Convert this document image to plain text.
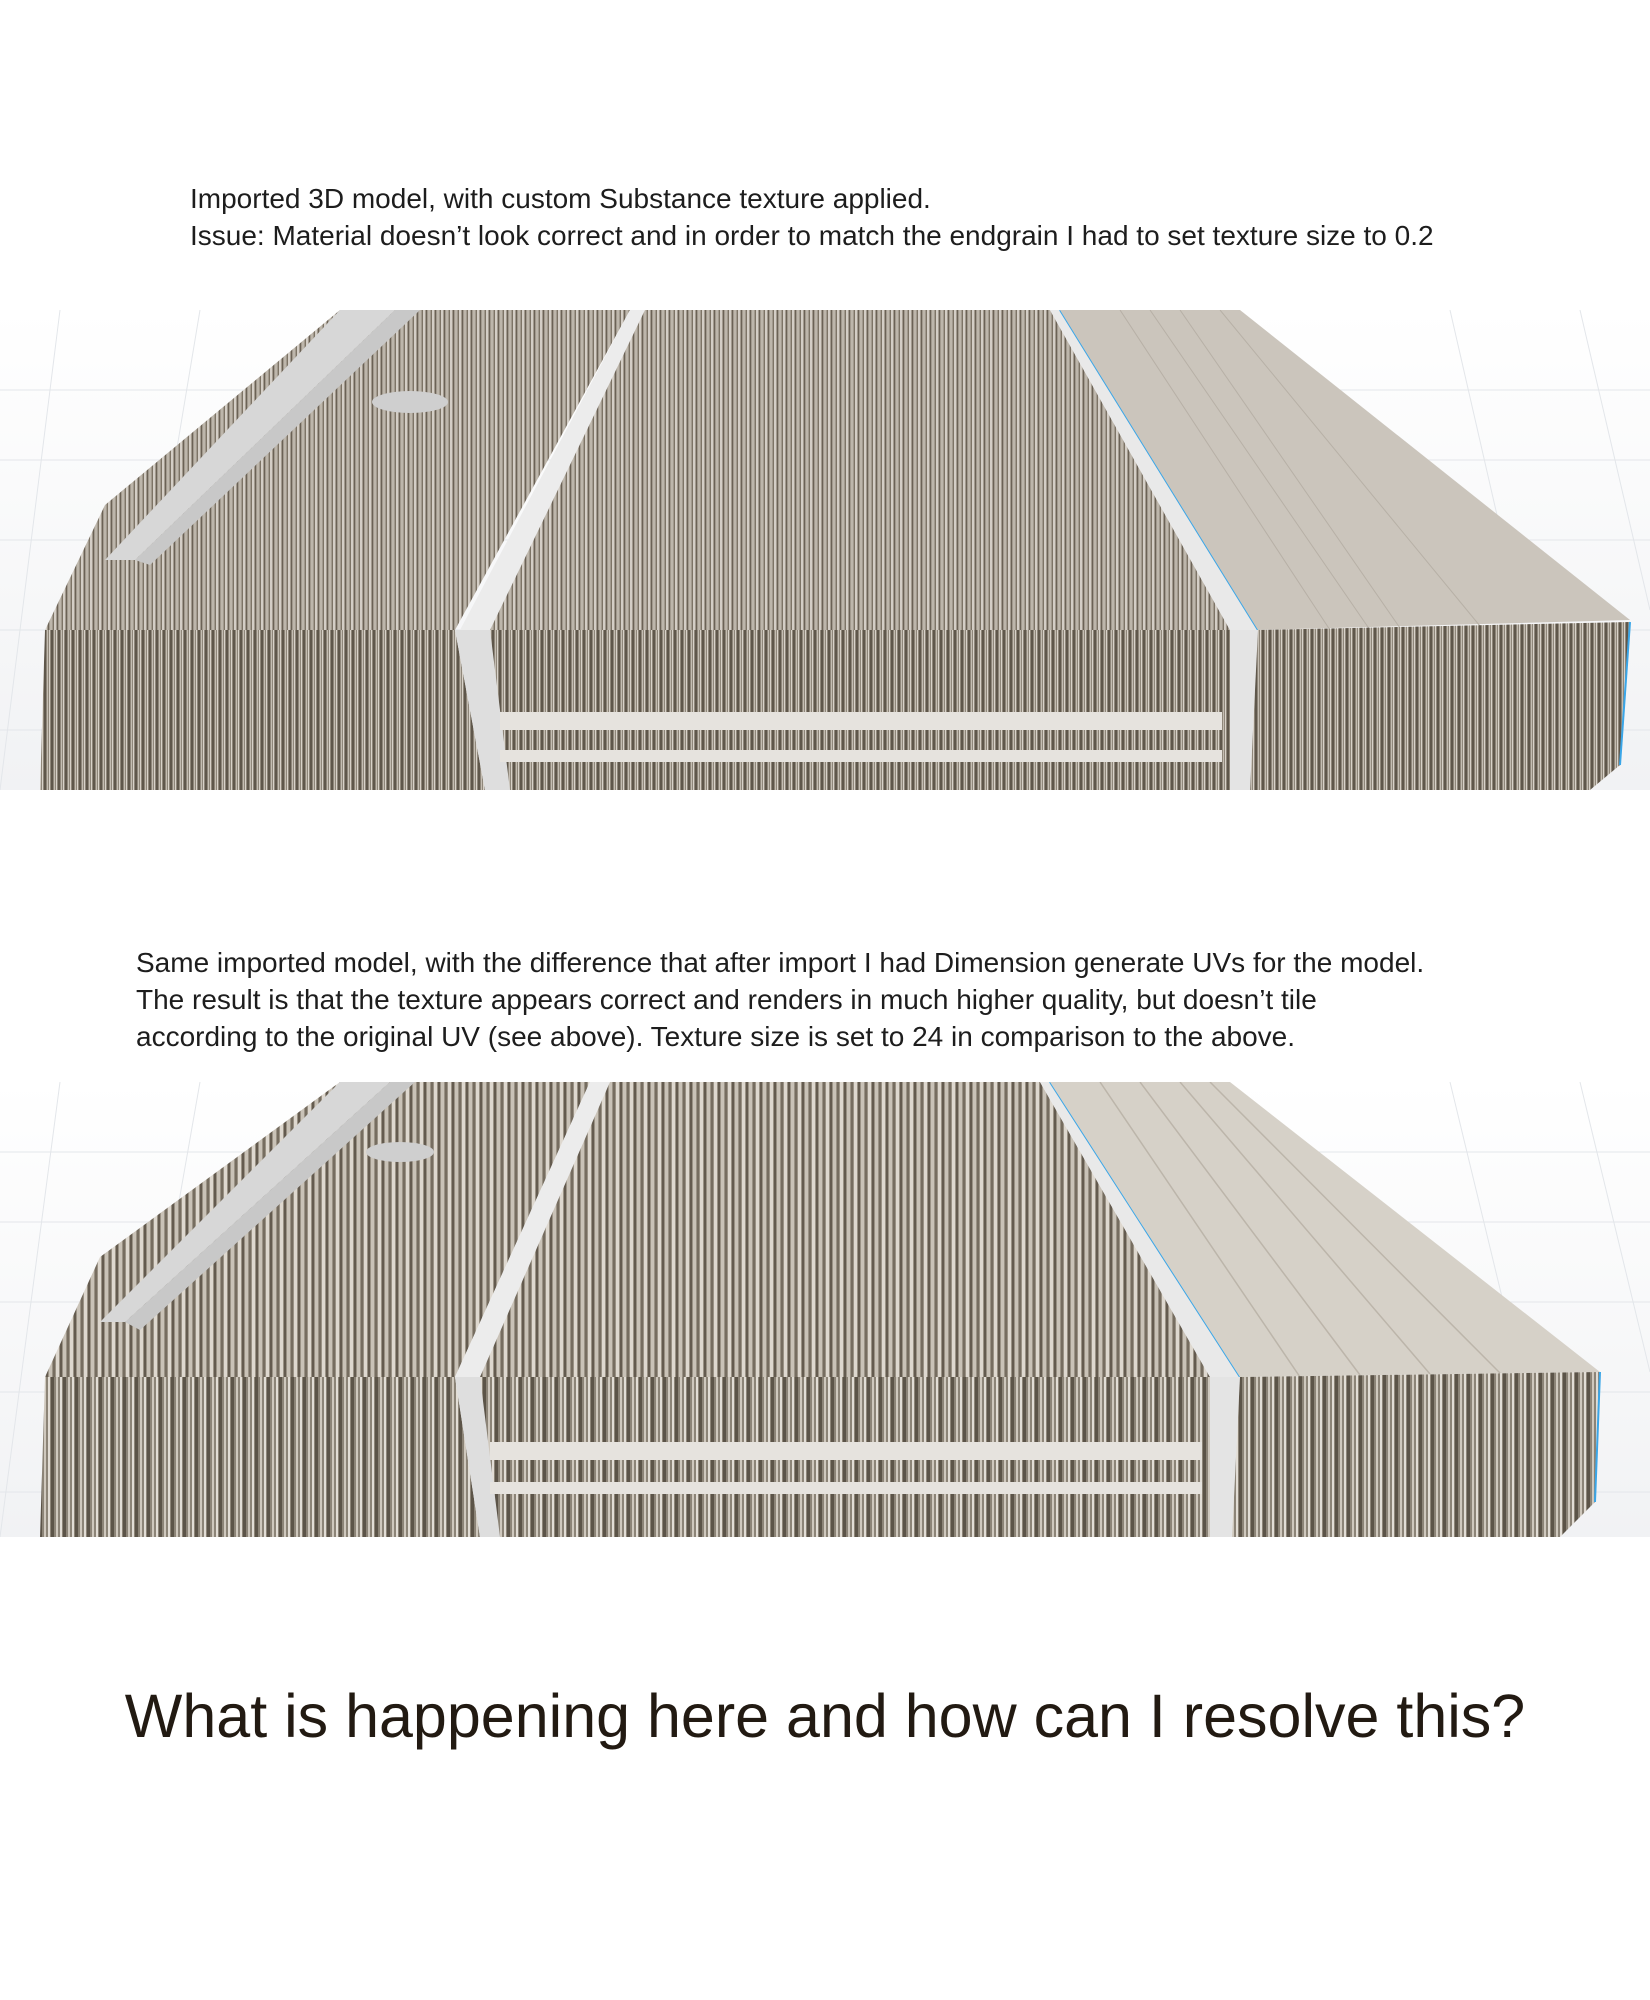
Imported 3D model, with custom Substance texture applied.

Issue: Material doesn’t look correct and in order to match the endgrain I had to set texture size to 0.2

Same imported model, with the difference that after import I had Dimension generate UVs for the model.

The result is that the texture appears correct and renders in much higher quality, but doesn’t tile

according to the original UV (see above). Texture size is set to 24 in comparison to the above.

What is happening here and how can I resolve this?
